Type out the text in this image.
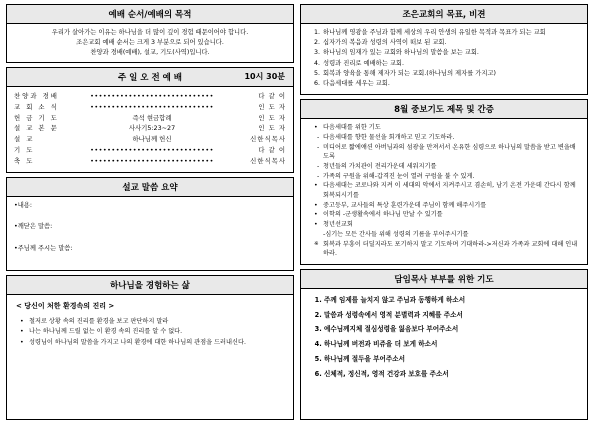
예배 순서/예배의 목적
우리가 살아가는 이유는 하나님을 더 많이 깊이 경험 때문이어야 합니다.
조은교회 예배 순서는 크게 3 부분으로 되어 있습니다.
찬양과 경배(예배), 설교, 기도(사역)입니다.
주 일 오 전 예 배	10시 30분
찬양과 경배	•••••••••••••••••••••••••••••	다 같 이
교 회 소 식	•••••••••••••••••••••••••••••	인 도 자
헌 금 기 도	즉석 현금합례	인 도 자
설 교 본 문	사사기5:23~27	인 도 자
설 교	하나님께 헌신	신한식목사
기 도	•••••••••••••••••••••••••••••	다 같 이
축 도	•••••••••••••••••••••••••••••	신한식목사
설교 말씀 요약
•내용:
•깨닫은 말씀:
•주님께 주시는 말씀:
하나님을 경험하는 삶
< 당신이 처한 환경속의 진리 >
• 철저로 상황 속의 진리를 환경을 보고 판단하지 말라
• 나는 하나님께 드릴 없는 이 환경 속의 진리를 알 수 없다.
• 성령님이 하나님의 말씀을 가지고 나의 환경에 대한 하나님의 관점을 드러내신다.
조은교회의 목표, 비젼
1. 하나님께 영광을 주님과 함께 세상의 우리 안생의 유일한 목적과 목표가 되는 교회
2. 십자가의 복음과 성령의 사역이 떠보 된 교회.
3. 하나님의 임재가 있는 교회와 하나님의 말씀을 보는 교회.
4. 성령과 진리로 예배하는 교회.
5. 회복과 양육을 통해 제자가 되는 교회.(하나님의 제자를 가지고)
6. 다음세대를 세우는 교회.
8월 중보기도 제목 및 간증
• 다음세대를 위한 기도
- 다음세대를 향한 물선을 회개하고 믿고 기도하라.
- 미디어로 짧에얘션 아버님과의 섬광을 만져서서 온유한 심령으로 하나님의 말씀을 받고 변을배도록
- 청년들의 가치관이 전리가운데 세워지기를
- 가족의 구원을 위해-갑격진 눈이 열려 구럼을 불 수 있게.
• 다음세대는 코로나와 지켜 이 세대의 악에서 지켜주시고 겸손히, 남기 온전 가운데 간다시 함께 회복되시기를
• 중고등부, 교사들의 특상 훈련가운데 주님이 함께 해주시기를
• 이학의 -군생활속에서 하나님 만날 수 있기를
• 청년선교회
-심기는 모든 간사들 위해 성령의 기름을 부어주시기를
※ 회복과 부흥이 더딜지라도 포기하지 말고 기도하며 기대하라->저신과 가족과 교회에 대해 인내하라.
담임목사 부부를 위한 기도
1. 주께 임제를 늘치지 않고 주님과 동행하게 하소서
2. 말씀과 성령속에서 영적 분별력과 지혜를 주소서
3. 예수님께지체 절심성령을 잃음보다 부어주소서
4. 하나님께 버전과 비쥬을 더 보게 하소서
5. 하나님께 절두을 부어주소서
6. 신체적, 정신적, 영적 건강과 보호를 주소서
